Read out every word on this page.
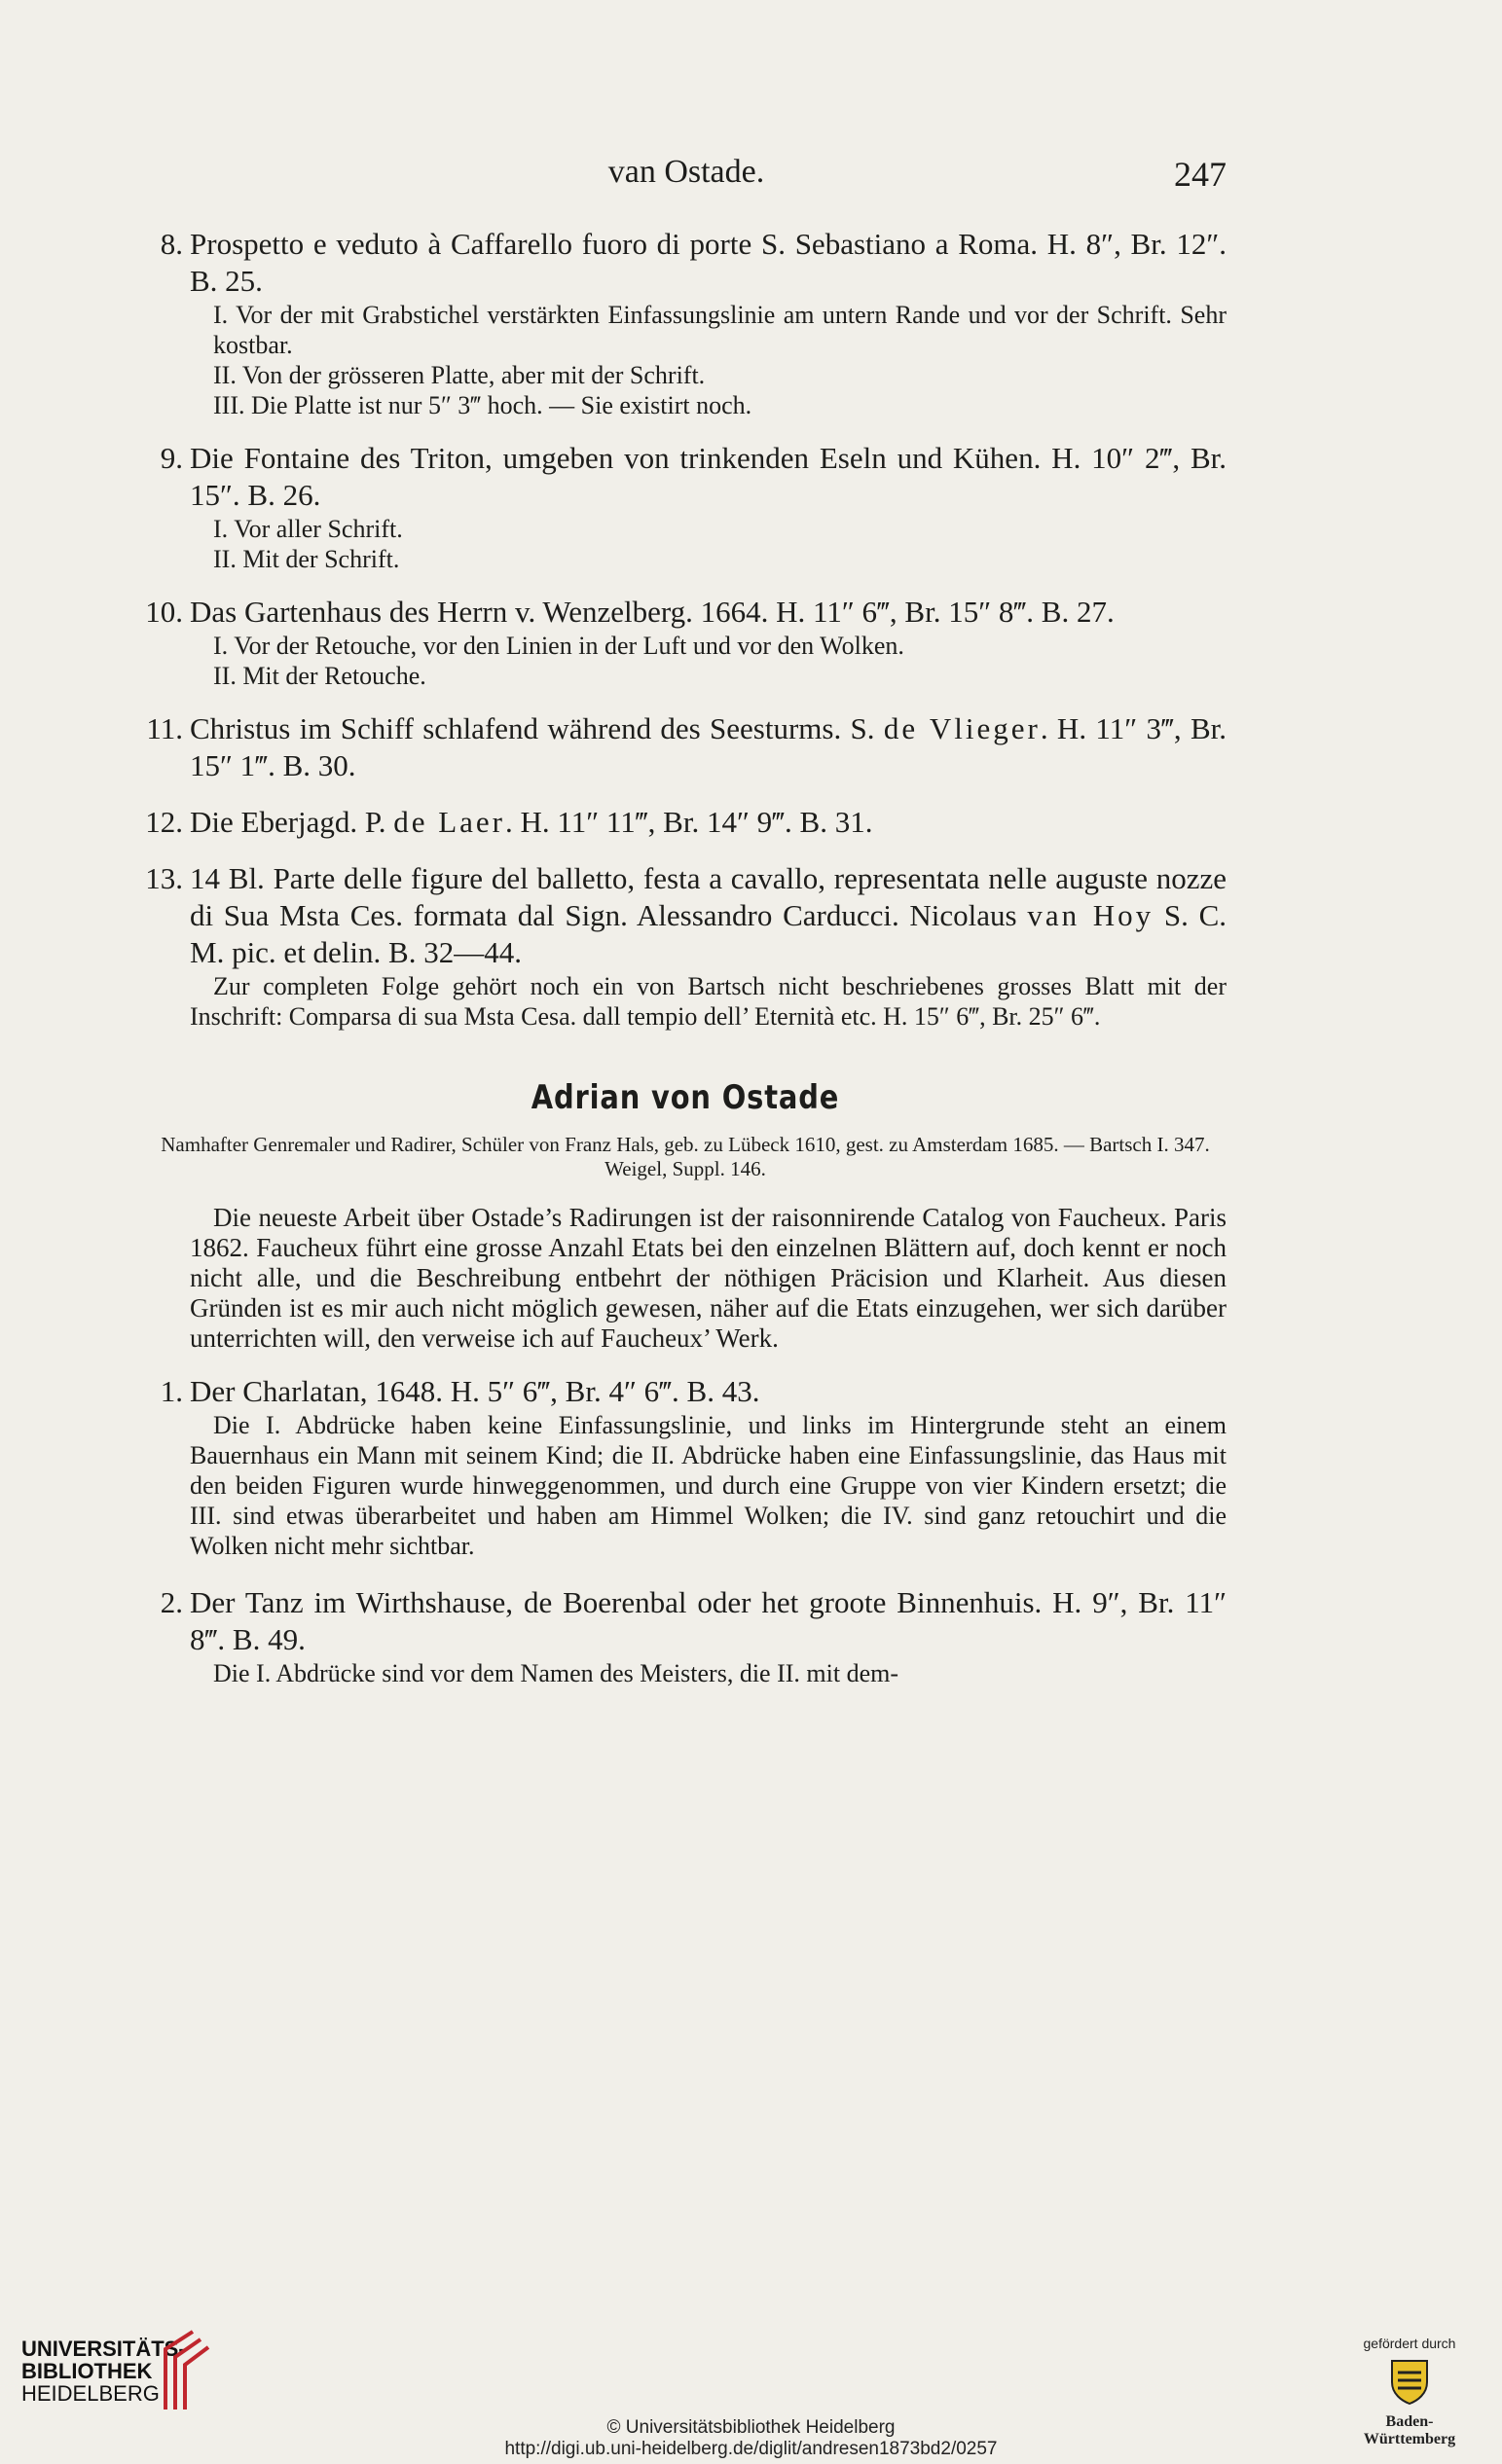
van Ostade.	247
8. Prospetto e veduto à Caffarello fuoro di porte S. Sebastiano a Roma. H. 8″, Br. 12″. B. 25.
I. Vor der mit Grabstichel verstärkten Einfassungslinie am untern Rande und vor der Schrift. Sehr kostbar.
II. Von der grösseren Platte, aber mit der Schrift.
III. Die Platte ist nur 5″ 3‴ hoch. — Sie existirt noch.
9. Die Fontaine des Triton, umgeben von trinkenden Eseln und Kühen. H. 10″ 2‴, Br. 15″. B. 26.
I. Vor aller Schrift.
II. Mit der Schrift.
10. Das Gartenhaus des Herrn v. Wenzelberg. 1664. H. 11″ 6‴, Br. 15″ 8‴. B. 27.
I. Vor der Retouche, vor den Linien in der Luft und vor den Wolken.
II. Mit der Retouche.
11. Christus im Schiff schlafend während des Seesturms. S. de Vlieger. H. 11″ 3‴, Br. 15″ 1‴. B. 30.
12. Die Eberjagd. P. de Laer. H. 11″ 11‴, Br. 14″ 9‴. B. 31.
13. 14 Bl. Parte delle figure del balletto, festa a cavallo, representata nelle auguste nozze di Sua Msta Ces. formata dal Sign. Alessandro Carducci. Nicolaus van Hoy S. C. M. pic. et delin. B. 32—44.
Zur completen Folge gehört noch ein von Bartsch nicht beschriebenes grosses Blatt mit der Inschrift: Comparsa di sua Msta Cesa. dall tempio dell’ Eternità etc. H. 15″ 6‴, Br. 25″ 6‴.
Adrian von Ostade
Namhafter Genremaler und Radirer, Schüler von Franz Hals, geb. zu Lübeck 1610, gest. zu Amsterdam 1685. — Bartsch I. 347. Weigel, Suppl. 146.
Die neueste Arbeit über Ostade’s Radirungen ist der raisonnirende Catalog von Faucheux. Paris 1862. Faucheux führt eine grosse Anzahl Etats bei den einzelnen Blättern auf, doch kennt er noch nicht alle, und die Beschreibung entbehrt der nöthigen Präcision und Klarheit. Aus diesen Gründen ist es mir auch nicht möglich gewesen, näher auf die Etats einzugehen, wer sich darüber unterrichten will, den verweise ich auf Faucheux’ Werk.
1. Der Charlatan, 1648. H. 5″ 6‴, Br. 4″ 6‴. B. 43.
Die I. Abdrücke haben keine Einfassungslinie, und links im Hintergrunde steht an einem Bauernhaus ein Mann mit seinem Kind; die II. Abdrücke haben eine Einfassungslinie, das Haus mit den beiden Figuren wurde hinweggenommen, und durch eine Gruppe von vier Kindern ersetzt; die III. sind etwas überarbeitet und haben am Himmel Wolken; die IV. sind ganz retouchirt und die Wolken nicht mehr sichtbar.
2. Der Tanz im Wirthshause, de Boerenbal oder het groote Binnenhuis. H. 9″, Br. 11″ 8‴. B. 49.
Die I. Abdrücke sind vor dem Namen des Meisters, die II. mit dem-
UNIVERSITÄTS-
BIBLIOTHEK
HEIDELBERG
© Universitätsbibliothek Heidelberg
http://digi.ub.uni-heidelberg.de/diglit/andresen1873bd2/0257
gefördert durch
Baden-Württemberg
